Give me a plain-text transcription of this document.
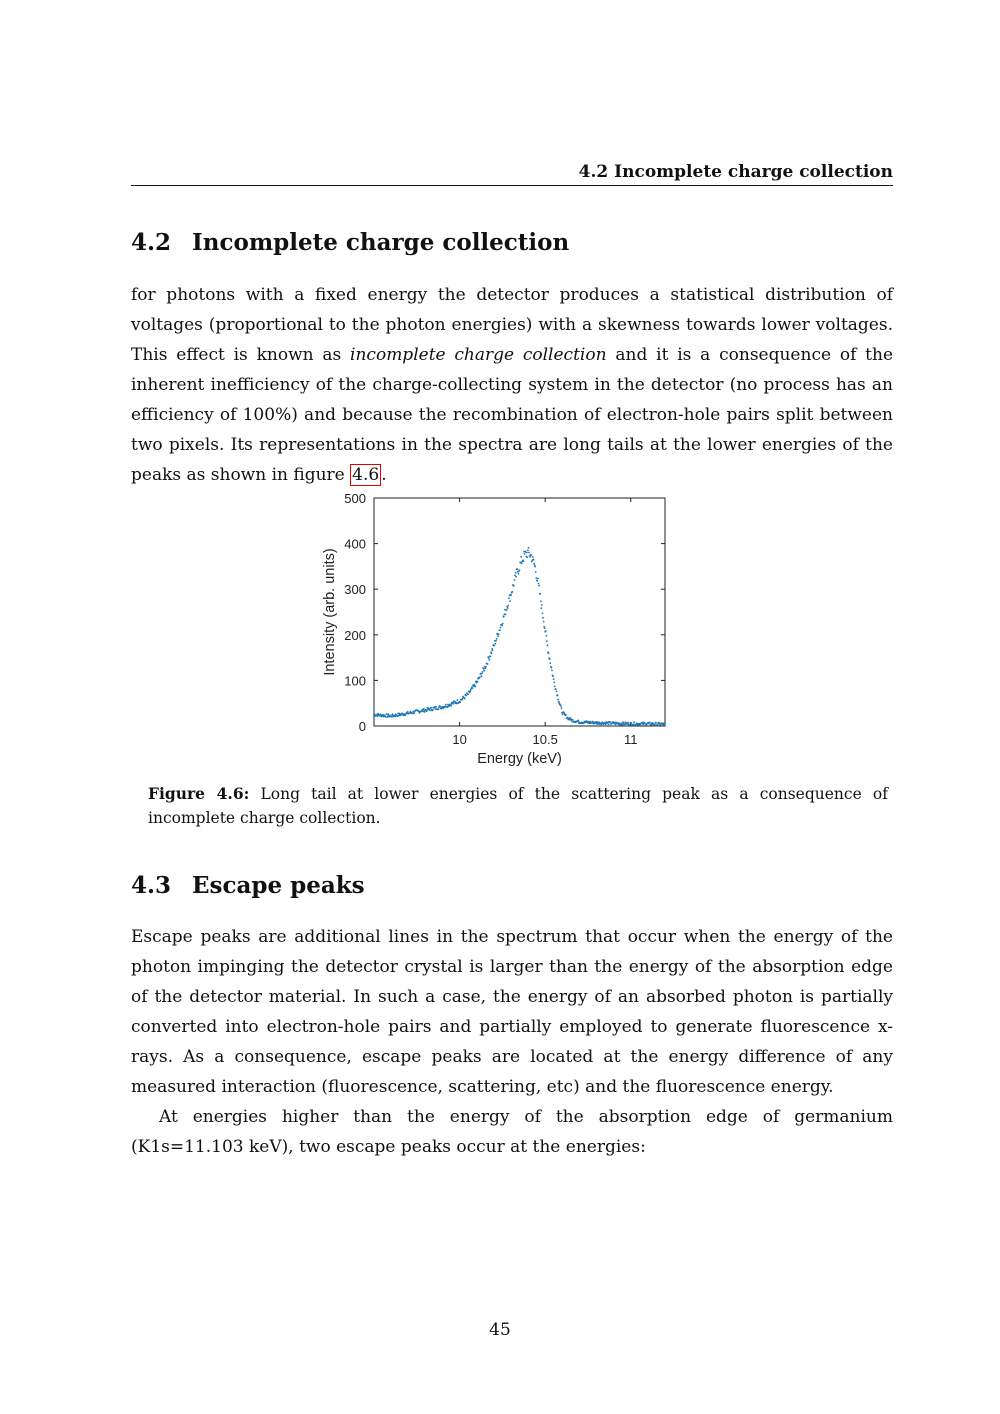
4.2 Incomplete charge collection
4.2 Incomplete charge collection

for photons with a fixed energy the detector produces a statistical distribution of voltages (proportional to the photon energies) with a skewness towards lower voltages. This effect is known as incomplete charge collection and it is a consequence of the inherent inefficiency of the charge-collecting system in the detector (no process has an efficiency of 100%) and because the recombination of electron-hole pairs split between two pixels. Its representations in the spectra are long tails at the lower energies of the peaks as shown in figure 4.6 .

0
100
200
300
400
500
10	10.5	11
Energy (keV)
Intensity (arb. units)

Figure 4.6: Long tail at lower energies of the scattering peak as a consequence of incomplete charge collection.

4.3 Escape peaks

Escape peaks are additional lines in the spectrum that occur when the energy of the photon impinging the detector crystal is larger than the energy of the absorption edge of the detector material. In such a case, the energy of an absorbed photon is partially converted into electron-hole pairs and partially employed to generate fluorescence x-rays. As a consequence, escape peaks are located at the energy difference of any measured interaction (fluorescence, scattering, etc) and the fluorescence energy.

At energies higher than the energy of the absorption edge of germanium (K1s=11.103 keV), two escape peaks occur at the energies:

45
